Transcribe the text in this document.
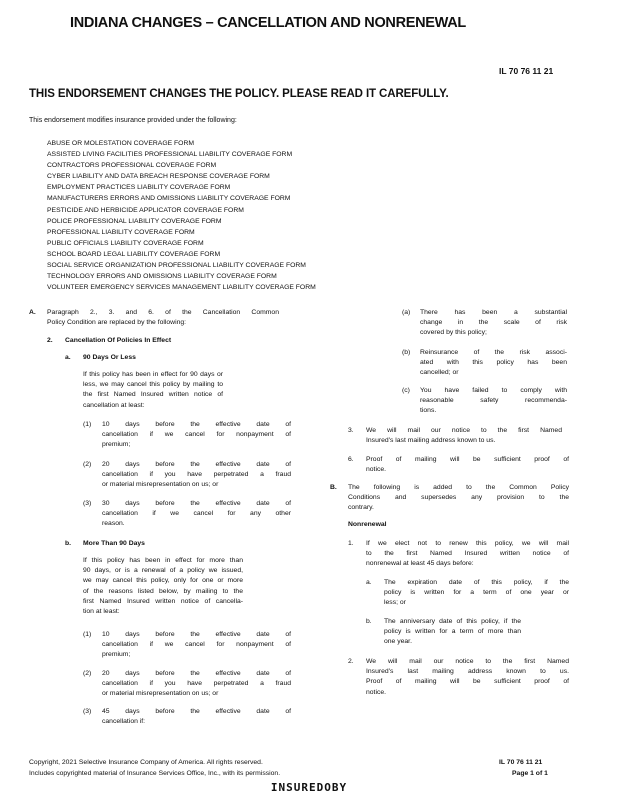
INDIANA CHANGES – CANCELLATION AND NONRENEWAL
IL 70 76 11 21
THIS ENDORSEMENT CHANGES THE POLICY. PLEASE READ IT CAREFULLY.
This endorsement modifies insurance provided under the following:
ABUSE OR MOLESTATION COVERAGE FORM
ASSISTED LIVING FACILITIES PROFESSIONAL LIABILITY COVERAGE FORM
CONTRACTORS PROFESSIONAL COVERAGE FORM
CYBER LIABILITY AND DATA BREACH RESPONSE COVERAGE FORM
EMPLOYMENT PRACTICES LIABILITY COVERAGE FORM
MANUFACTURERS ERRORS AND OMISSIONS LIABILITY COVERAGE FORM
PESTICIDE AND HERBICIDE APPLICATOR COVERAGE FORM
POLICE PROFESSIONAL LIABILITY COVERAGE FORM
PROFESSIONAL LIABILITY COVERAGE FORM
PUBLIC OFFICIALS LIABILITY COVERAGE FORM
SCHOOL BOARD LEGAL LIABILITY COVERAGE FORM
SOCIAL SERVICE ORGANIZATION PROFESSIONAL LIABILITY COVERAGE FORM
TECHNOLOGY ERRORS AND OMISSIONS LIABILITY COVERAGE FORM
VOLUNTEER EMERGENCY SERVICES MANAGEMENT LIABILITY COVERAGE FORM
A. Paragraph 2., 3. and 6. of the Cancellation Common
Policy Condition are replaced by the following:
2. Cancellation Of Policies In Effect
a. 90 Days Or Less
If this policy has been in effect for 90 days or
less, we may cancel this policy by mailing to
the first Named Insured written notice of
cancellation at least:
(1) 10 days before the effective date of
cancellation if we cancel for nonpayment of
premium;
(2) 20 days before the effective date of
cancellation if you have perpetrated a fraud
or material misrepresentation on us; or
(3) 30 days before the effective date of
cancellation if we cancel for any other
reason.
b. More Than 90 Days
If this policy has been in effect for more than
90 days, or is a renewal of a policy we issued,
we may cancel this policy, only for one or more
of the reasons listed below, by mailing to the
first Named Insured written notice of cancella-
tion at least:
(1) 10 days before the effective date of
cancellation if we cancel for nonpayment of
premium;
(2) 20 days before the effective date of
cancellation if you have perpetrated a fraud
or material misrepresentation on us; or
(3) 45 days before the effective date of
cancellation if:
(a) There has been a substantial
change in the scale of risk
covered by this policy;
(b) Reinsurance of the risk associ-
ated with this policy has been
cancelled; or
(c) You have failed to comply with
reasonable safety recommenda-
tions.
3. We will mail our notice to the first Named
Insured's last mailing address known to us.
6. Proof of mailing will be sufficient proof of
notice.
B. The following is added to the Common Policy
Conditions and supersedes any provision to the
contrary.
Nonrenewal
1. If we elect not to renew this policy, we will mail
to the first Named Insured written notice of
nonrenewal at least 45 days before:
a. The expiration date of this policy, if the
policy is written for a term of one year or
less; or
b. The anniversary date of this policy, if the
policy is written for a term of more than
one year.
2. We will mail our notice to the first Named
Insured's last mailing address known to us.
Proof of mailing will be sufficient proof of
notice.
Copyright, 2021 Selective Insurance Company of America. All rights reserved.
Includes copyrighted material of Insurance Services Office, Inc., with its permission.
IL 70 76 11 21
Page 1 of 1
INSUREDOBY
